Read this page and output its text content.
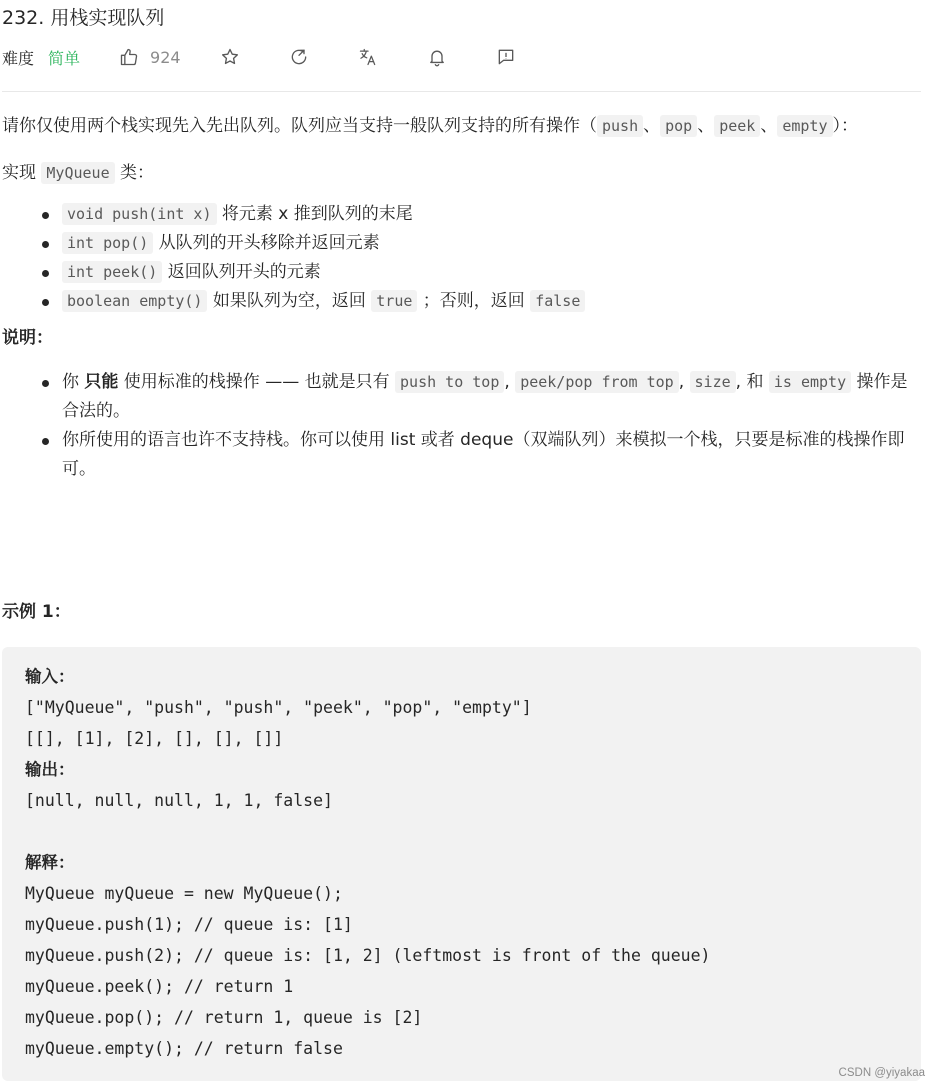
232. 用栈实现队列
难度 简单	924

请你仅使用两个栈实现先入先出队列。队列应当支持一般队列支持的所有操作（ push 、 pop 、 peek 、 empty ）：

实现 MyQueue 类：

void push(int x) 将元素 x 推到队列的末尾
int pop() 从队列的开头移除并返回元素
int peek() 返回队列开头的元素
boolean empty() 如果队列为空，返回 true ；否则，返回 false

说明：

你 只能 使用标准的栈操作 —— 也就是只有 push to top , peek/pop from top , size , 和 is empty 操作是合法的。
你所使用的语言也许不支持栈。你可以使用 list 或者 deque（双端队列）来模拟一个栈，只要是标准的栈操作即可。
示例 1：
输入：
["MyQueue", "push", "push", "peek", "pop", "empty"]
[[], [1], [2], [], [], []]
输出：
[null, null, null, 1, 1, false]

解释：
MyQueue myQueue = new MyQueue();
myQueue.push(1); // queue is: [1]
myQueue.push(2); // queue is: [1, 2] (leftmost is front of the queue)
myQueue.peek(); // return 1
myQueue.pop(); // return 1, queue is [2]
myQueue.empty(); // return false
CSDN @yiyakaa
